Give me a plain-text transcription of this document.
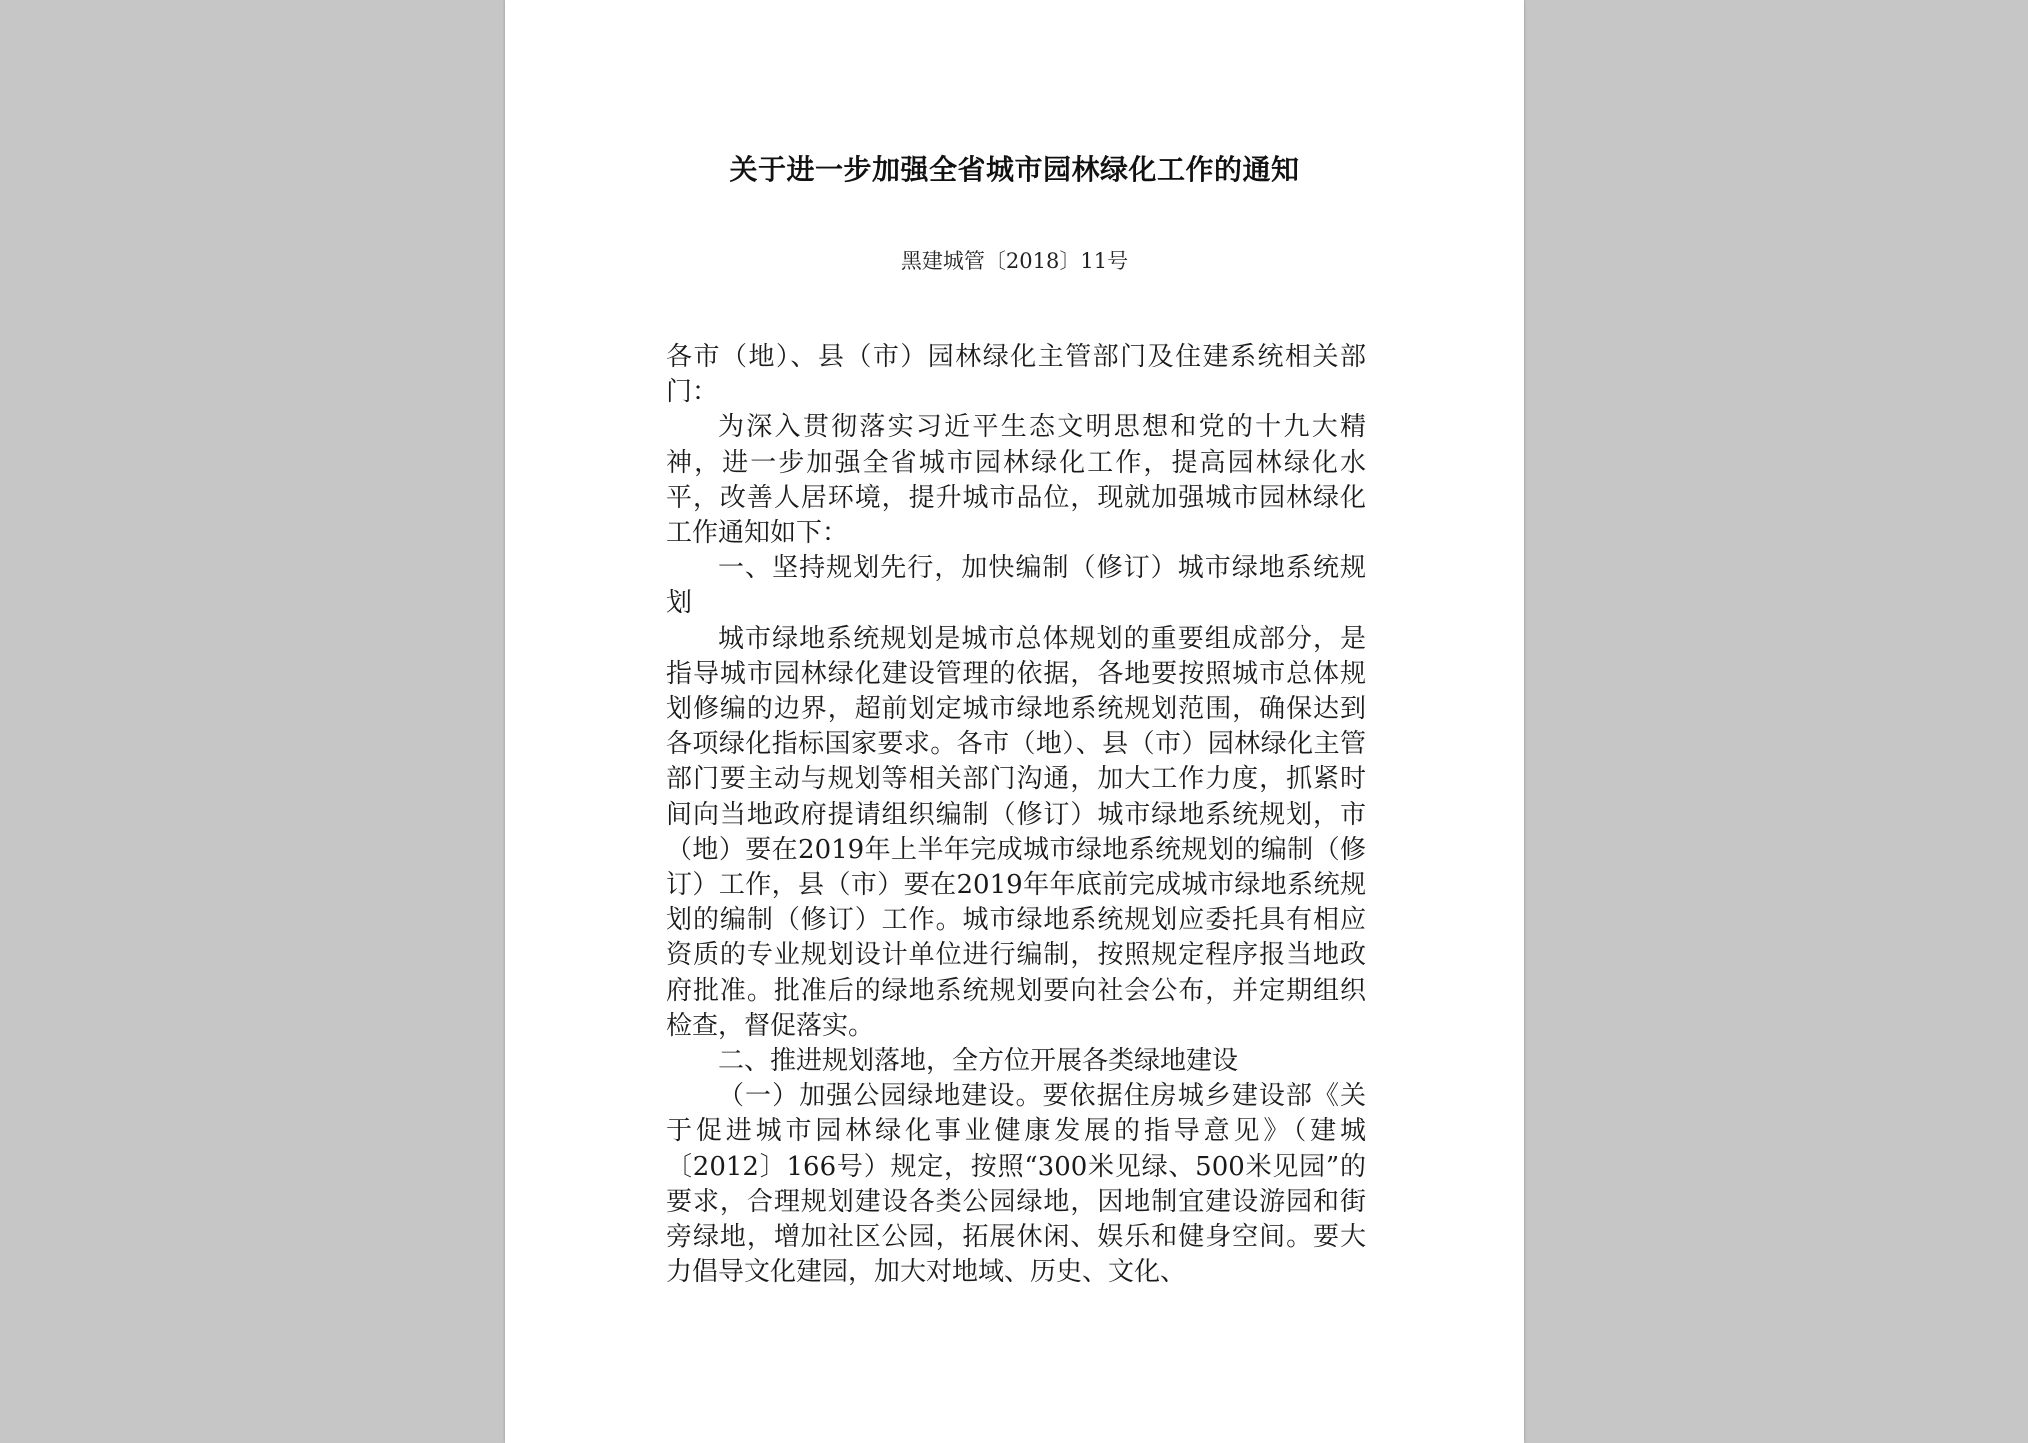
关于进一步加强全省城市园林绿化工作的通知

黑建城管〔2018〕11号

各市（地）、县（市）园林绿化主管部门及住建系统相关部门：

为深入贯彻落实习近平生态文明思想和党的十九大精神，进一步加强全省城市园林绿化工作，提高园林绿化水平，改善人居环境，提升城市品位，现就加强城市园林绿化工作通知如下：

一、坚持规划先行，加快编制（修订）城市绿地系统规划

城市绿地系统规划是城市总体规划的重要组成部分，是指导城市园林绿化建设管理的依据，各地要按照城市总体规划修编的边界，超前划定城市绿地系统规划范围，确保达到各项绿化指标国家要求。各市（地）、县（市）园林绿化主管部门要主动与规划等相关部门沟通，加大工作力度，抓紧时间向当地政府提请组织编制（修订）城市绿地系统规划，市（地）要在2019年上半年完成城市绿地系统规划的编制（修订）工作，县（市）要在2019年年底前完成城市绿地系统规划的编制（修订）工作。城市绿地系统规划应委托具有相应资质的专业规划设计单位进行编制，按照规定程序报当地政府批准。批准后的绿地系统规划要向社会公布，并定期组织检查，督促落实。

二、推进规划落地，全方位开展各类绿地建设

（一）加强公园绿地建设。要依据住房城乡建设部《关于促进城市园林绿化事业健康发展的指导意见》（建城〔2012〕166号）规定，按照“300米见绿、500米见园”的要求，合理规划建设各类公园绿地，因地制宜建设游园和街旁绿地，增加社区公园，拓展休闲、娱乐和健身空间。要大力倡导文化建园，加大对地域、历史、文化、
